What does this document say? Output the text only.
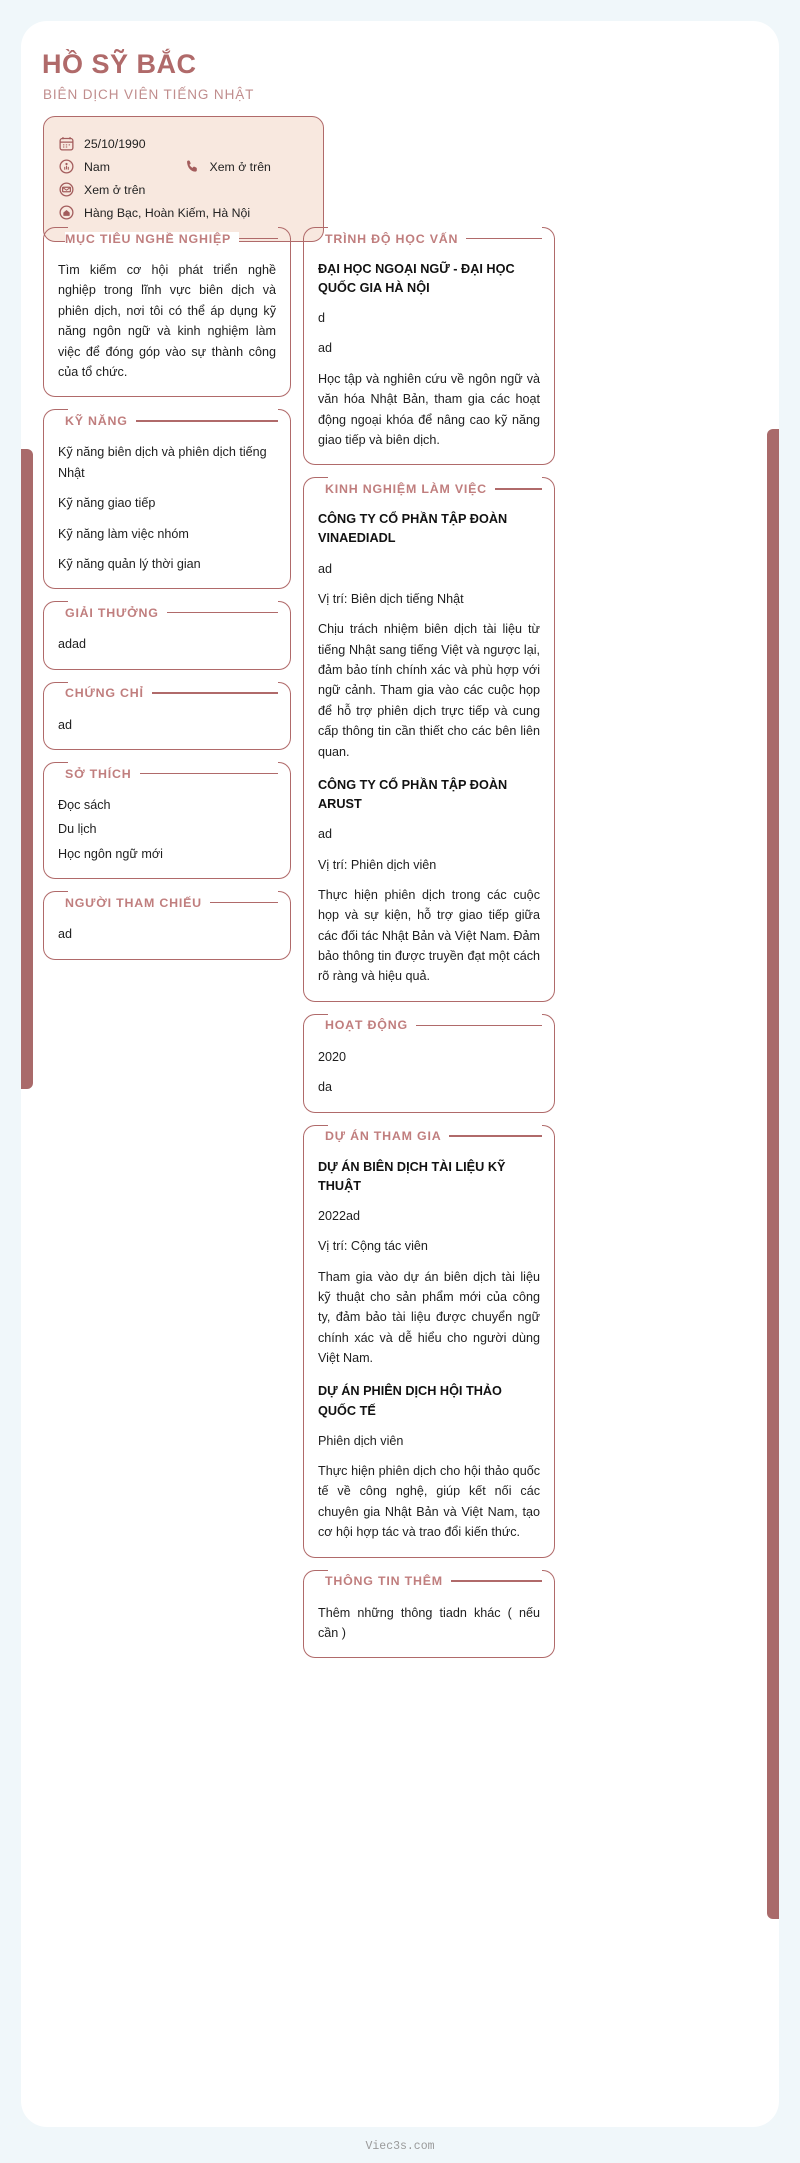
HỒ SỸ BẮC
BIÊN DỊCH VIÊN TIẾNG NHẬT
25/10/1990
Nam	Xem ở trên
Xem ở trên
Hàng Bạc, Hoàn Kiếm, Hà Nội
MỤC TIÊU NGHỀ NGHIỆP

Tìm kiếm cơ hội phát triển nghề nghiệp trong lĩnh vực biên dịch và phiên dịch, nơi tôi có thể áp dụng kỹ năng ngôn ngữ và kinh nghiệm làm việc để đóng góp vào sự thành công của tổ chức.

KỸ NĂNG

Kỹ năng biên dịch và phiên dịch tiếng Nhật

Kỹ năng giao tiếp

Kỹ năng làm việc nhóm

Kỹ năng quản lý thời gian

GIẢI THƯỞNG

adad

CHỨNG CHỈ

ad

SỞ THÍCH

Đọc sách

Du lịch

Học ngôn ngữ mới

NGƯỜI THAM CHIẾU

ad

TRÌNH ĐỘ HỌC VẤN

ĐẠI HỌC NGOẠI NGỮ - ĐẠI HỌC QUỐC GIA HÀ NỘI

d

ad

Học tập và nghiên cứu về ngôn ngữ và văn hóa Nhật Bản, tham gia các hoạt động ngoại khóa để nâng cao kỹ năng giao tiếp và biên dịch.

KINH NGHIỆM LÀM VIỆC

CÔNG TY CỔ PHẦN TẬP ĐOÀN VINAEDIADL

ad

Vị trí: Biên dịch tiếng Nhật

Chịu trách nhiệm biên dịch tài liệu từ tiếng Nhật sang tiếng Việt và ngược lại, đảm bảo tính chính xác và phù hợp với ngữ cảnh. Tham gia vào các cuộc họp để hỗ trợ phiên dịch trực tiếp và cung cấp thông tin cần thiết cho các bên liên quan.

CÔNG TY CỔ PHẦN TẬP ĐOÀN ARUST

ad

Vị trí: Phiên dịch viên

Thực hiện phiên dịch trong các cuộc họp và sự kiện, hỗ trợ giao tiếp giữa các đối tác Nhật Bản và Việt Nam. Đảm bảo thông tin được truyền đạt một cách rõ ràng và hiệu quả.

HOẠT ĐỘNG

2020

da

DỰ ÁN THAM GIA

DỰ ÁN BIÊN DỊCH TÀI LIỆU KỸ THUẬT

2022ad

Vị trí: Cộng tác viên

Tham gia vào dự án biên dịch tài liệu kỹ thuật cho sản phẩm mới của công ty, đảm bảo tài liệu được chuyển ngữ chính xác và dễ hiểu cho người dùng Việt Nam.

DỰ ÁN PHIÊN DỊCH HỘI THẢO QUỐC TẾ

Phiên dịch viên

Thực hiện phiên dịch cho hội thảo quốc tế về công nghệ, giúp kết nối các chuyên gia Nhật Bản và Việt Nam, tạo cơ hội hợp tác và trao đổi kiến thức.

THÔNG TIN THÊM

Thêm những thông tiadn khác ( nếu cần )

Viec3s.com
